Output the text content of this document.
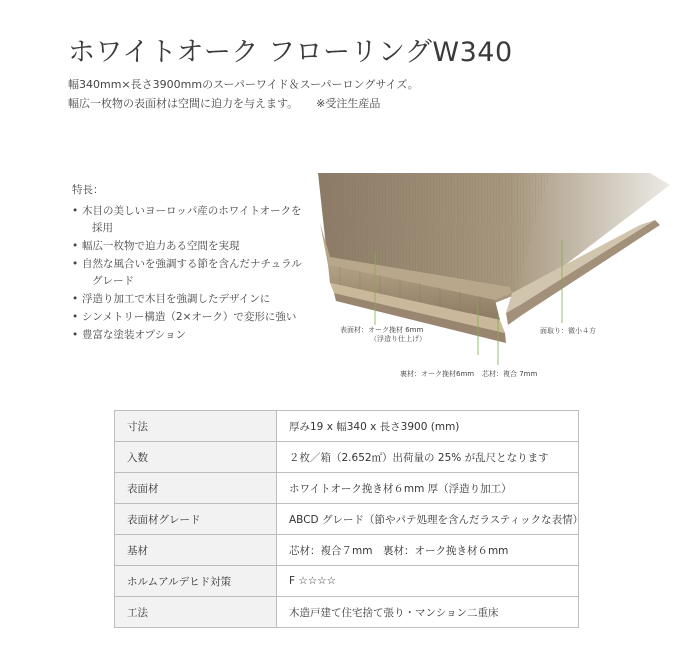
ホワイトオーク フローリングW340

幅340mm×長さ3900mmのスーパーワイド＆スーパーロングサイズ。

幅広一枚物の表面材は空間に迫力を与えます。 ※受注生産品

特長：
• 木目の美しいヨーロッパ産のホワイトオークを
採用
• 幅広一枚物で迫力ある空間を実現
• 自然な風合いを強調する節を含んだナチュラル
グレード
• 浮造り加工で木目を強調したデザインに
• シンメトリー構造（2×オーク）で変形に強い
• 豊富な塗装オプション	表面材：オーク挽材 6mm
（浮造り仕上げ）
裏材：オーク挽材6mm 芯材：複合 7mm
面取り：微小４方
寸法	厚み19 x 幅340 x 長さ3900 (mm)
入数	２枚／箱（2.652㎡）出荷量の 25% が乱尺となります
表面材	ホワイトオーク挽き材６mm 厚（浮造り加工）
表面材グレード	ABCD グレード（節やパテ処理を含んだラスティックな表情）
基材	芯材：複合７mm　裏材：オーク挽き材６mm
ホルムアルデヒド対策	F ☆☆☆☆
工法	木造戸建て住宅捨て張り・マンション二重床
